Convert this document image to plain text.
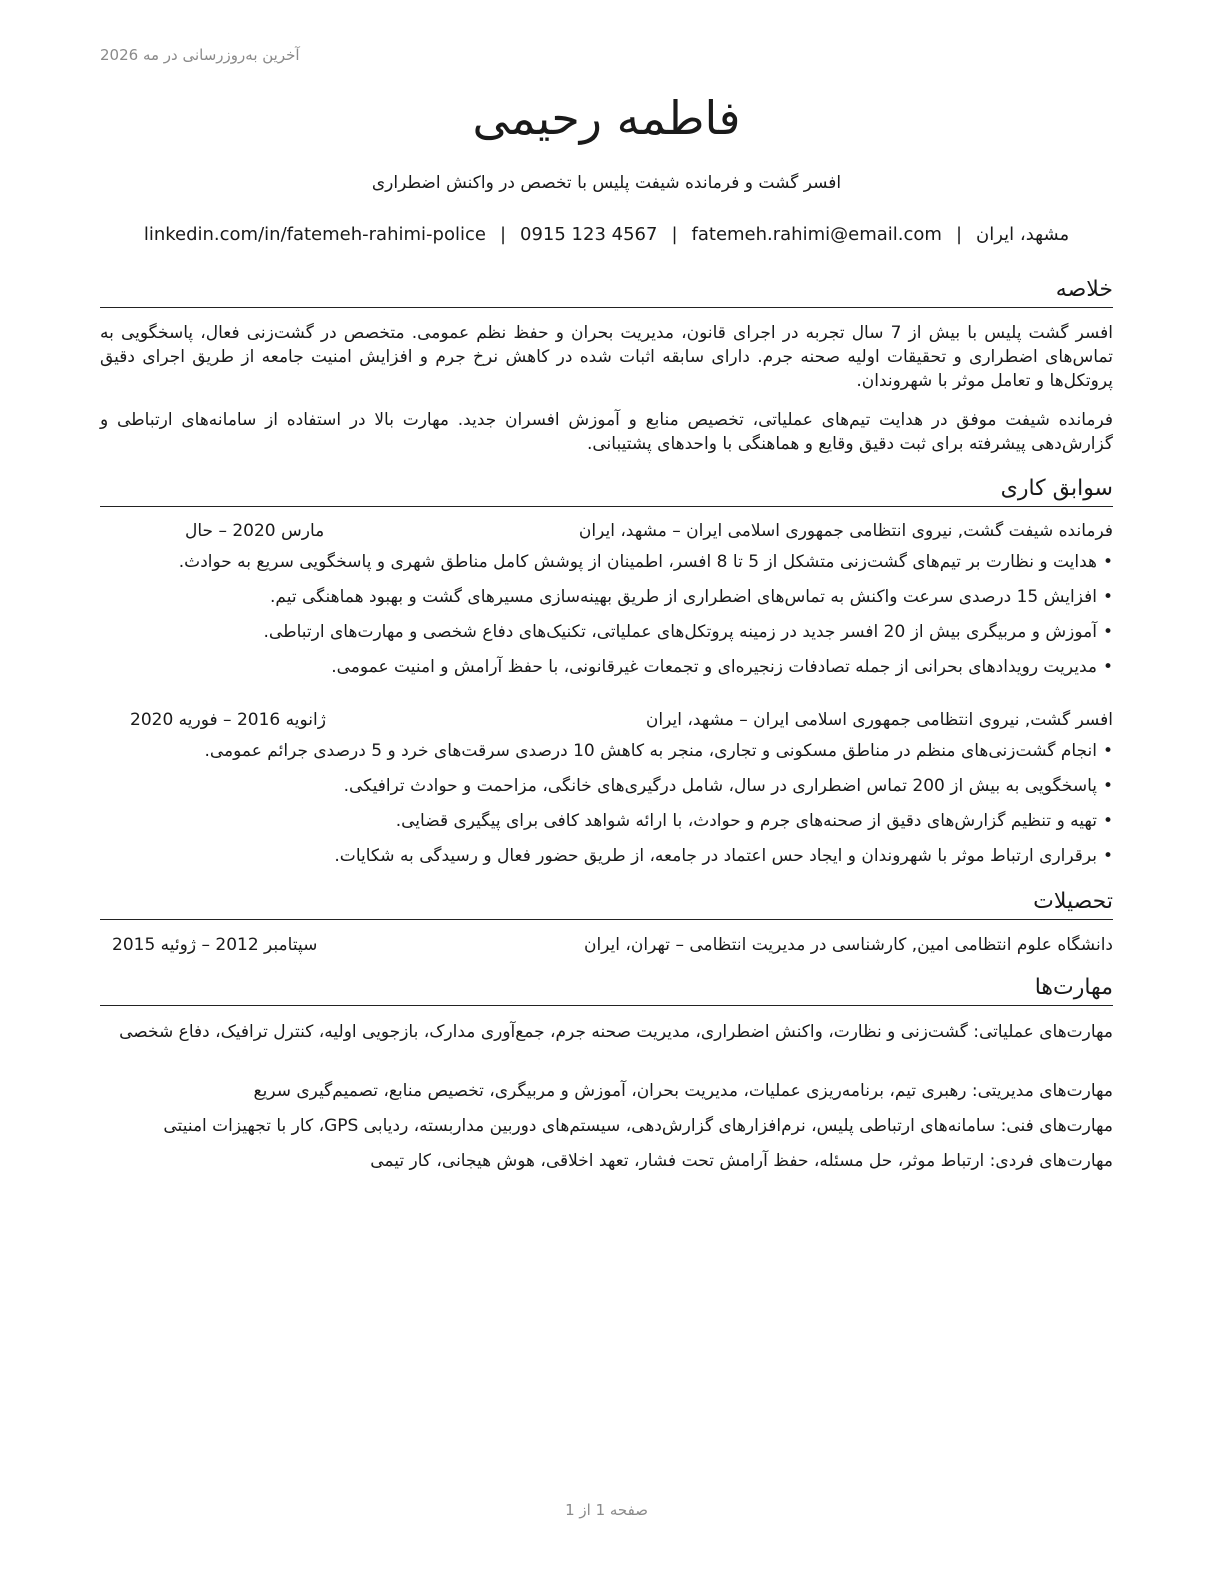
آخرین به‌روزرسانی در مه 2026
فاطمه رحیمی
افسر گشت و فرمانده شیفت پلیس با تخصص در واکنش اضطراری
مشهد، ایران|fatemeh.rahimi@email.com|0915 123 4567|linkedin.com/in/fatemeh-rahimi-police
خلاصه
افسر گشت پلیس با بیش از 7 سال تجربه در اجرای قانون، مدیریت بحران و حفظ نظم عمومی. متخصص در گشت‌زنی فعال، پاسخگویی به تماس‌های اضطراری و تحقیقات اولیه صحنه جرم. دارای سابقه اثبات شده در کاهش نرخ جرم و افزایش امنیت جامعه از طریق اجرای دقیق پروتکل‌ها و تعامل موثر با شهروندان.
فرمانده شیفت موفق در هدایت تیم‌های عملیاتی، تخصیص منابع و آموزش افسران جدید. مهارت بالا در استفاده از سامانه‌های ارتباطی و گزارش‌دهی پیشرفته برای ثبت دقیق وقایع و هماهنگی با واحدهای پشتیبانی.
سوابق کاری
فرمانده شیفت گشت, نیروی انتظامی جمهوری اسلامی ایران – مشهد، ایران
مارس 2020 – حال
• هدایت و نظارت بر تیم‌های گشت‌زنی متشکل از 5 تا 8 افسر، اطمینان از پوشش کامل مناطق شهری و پاسخگویی سریع به حوادث.
• افزایش 15 درصدی سرعت واکنش به تماس‌های اضطراری از طریق بهینه‌سازی مسیرهای گشت و بهبود هماهنگی تیم.
• آموزش و مربیگری بیش از 20 افسر جدید در زمینه پروتکل‌های عملیاتی، تکنیک‌های دفاع شخصی و مهارت‌های ارتباطی.
• مدیریت رویدادهای بحرانی از جمله تصادفات زنجیره‌ای و تجمعات غیرقانونی، با حفظ آرامش و امنیت عمومی.
افسر گشت, نیروی انتظامی جمهوری اسلامی ایران – مشهد، ایران
ژانویه 2016 – فوریه 2020
• انجام گشت‌زنی‌های منظم در مناطق مسکونی و تجاری، منجر به کاهش 10 درصدی سرقت‌های خرد و 5 درصدی جرائم عمومی.
• پاسخگویی به بیش از 200 تماس اضطراری در سال، شامل درگیری‌های خانگی، مزاحمت و حوادث ترافیکی.
• تهیه و تنظیم گزارش‌های دقیق از صحنه‌های جرم و حوادث، با ارائه شواهد کافی برای پیگیری قضایی.
• برقراری ارتباط موثر با شهروندان و ایجاد حس اعتماد در جامعه، از طریق حضور فعال و رسیدگی به شکایات.
تحصیلات
دانشگاه علوم انتظامی امین, کارشناسی در مدیریت انتظامی – تهران، ایران
سپتامبر 2012 – ژوئیه 2015
مهارت‌ها
مهارت‌های عملیاتی: گشت‌زنی و نظارت، واکنش اضطراری، مدیریت صحنه جرم، جمع‌آوری مدارک، بازجویی اولیه، کنترل ترافیک، دفاع شخصی
مهارت‌های مدیریتی: رهبری تیم، برنامه‌ریزی عملیات، مدیریت بحران، آموزش و مربیگری، تخصیص منابع، تصمیم‌گیری سریع
مهارت‌های فنی: سامانه‌های ارتباطی پلیس، نرم‌افزارهای گزارش‌دهی، سیستم‌های دوربین مداربسته، ردیابی GPS، کار با تجهیزات امنیتی
مهارت‌های فردی: ارتباط موثر، حل مسئله، حفظ آرامش تحت فشار، تعهد اخلاقی، هوش هیجانی، کار تیمی
صفحه 1 از 1
